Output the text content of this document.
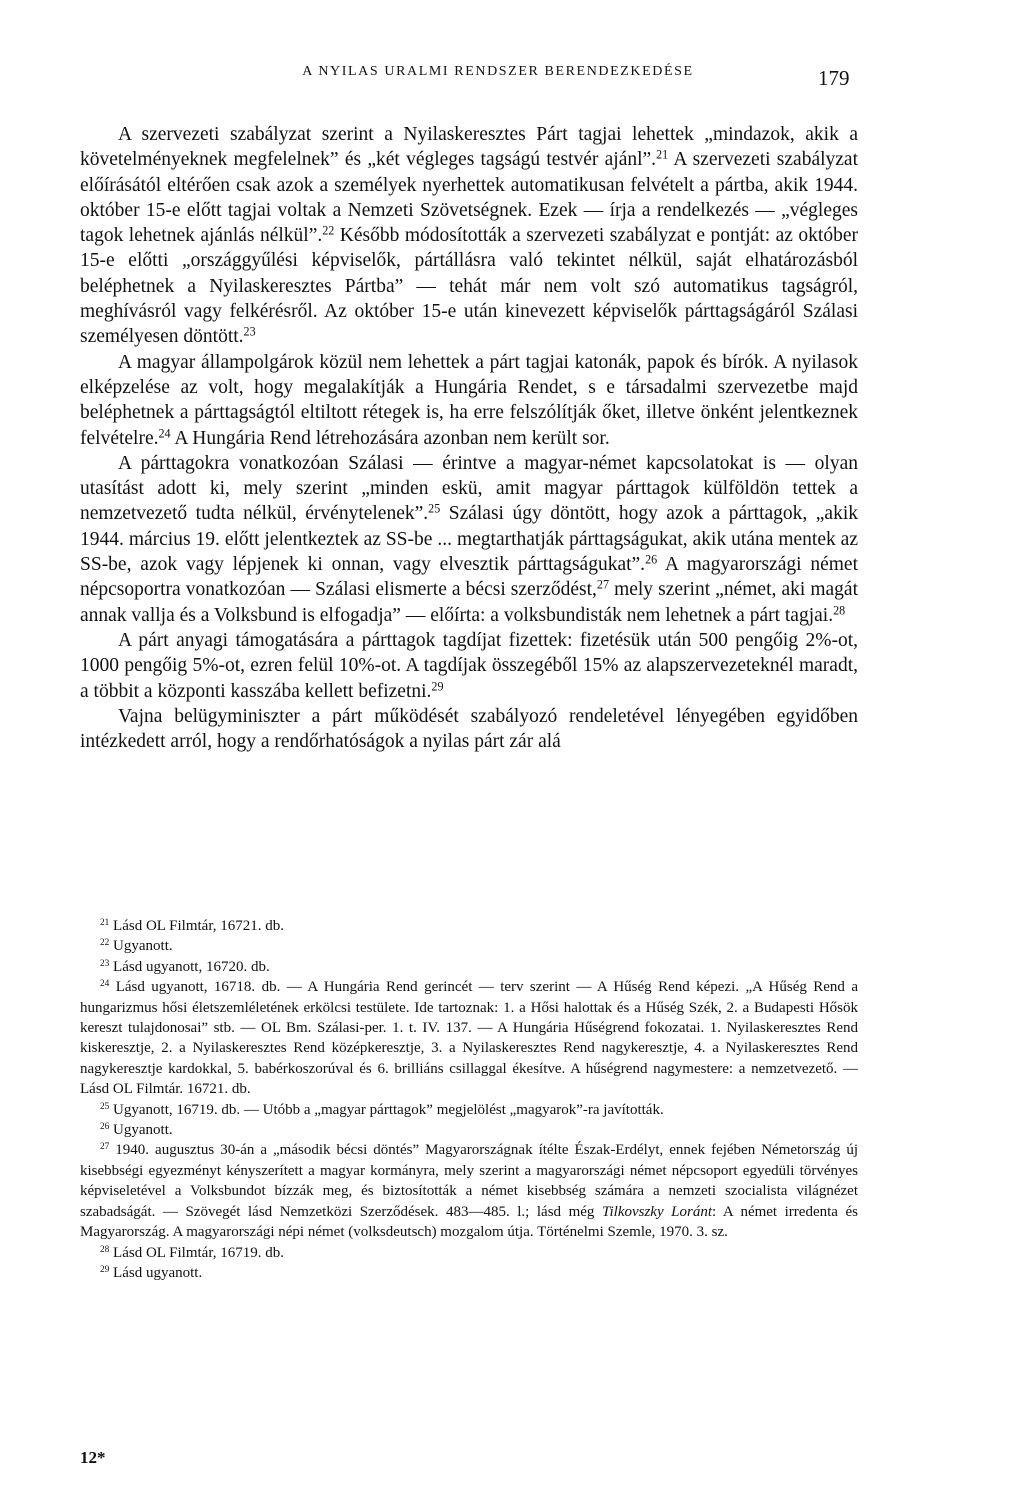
A NYILAS URALMI RENDSZER BERENDEZKEDÉSE	179

A szervezeti szabályzat szerint a Nyilaskeresztes Párt tagjai lehettek „mindazok, akik a követelményeknek megfelelnek” és „két végleges tagságú testvér ajánl”.$^{21}$ A szervezeti szabályzat előírásától eltérően csak azok a személyek nyerhettek automatikusan felvételt a pártba, akik 1944. október 15-e előtt tagjai voltak a Nemzeti Szövetségnek. Ezek — írja a rendelkezés — „végleges tagok lehetnek ajánlás nélkül”.$^{22}$ Később módosították a szervezeti szabályzat e pontját: az október 15-e előtti „országgyűlési képviselők, pártállásra való tekintet nélkül, saját elhatározásból beléphetnek a Nyilaskeresztes Pártba” — tehát már nem volt szó automatikus tagságról, meghívásról vagy felkérésről. Az október 15-e után kinevezett képviselők párttagságáról Szálasi személyesen döntött.$^{23}$

A magyar állampolgárok közül nem lehettek a párt tagjai katonák, papok és bírók. A nyilasok elképzelése az volt, hogy megalakítják a Hungária Rendet, s e társadalmi szervezetbe majd beléphetnek a párttagságtól eltiltott rétegek is, ha erre felszólítják őket, illetve önként jelentkeznek felvételre.$^{24}$ A Hungária Rend létrehozására azonban nem került sor.

A párttagokra vonatkozóan Szálasi — érintve a magyar-német kapcsolatokat is — olyan utasítást adott ki, mely szerint „minden eskü, amit magyar párttagok külföldön tettek a nemzetvezető tudta nélkül, érvénytelenek”.$^{25}$ Szálasi úgy döntött, hogy azok a párttagok, „akik 1944. március 19. előtt jelentkeztek az SS-be ... megtarthatják párttagságukat, akik utána mentek az SS-be, azok vagy lépjenek ki onnan, vagy elvesztik párttagságukat”.$^{26}$ A magyarországi német népcsoportra vonatkozóan — Szálasi elismerte a bécsi szerződést,$^{27}$ mely szerint „német, aki magát annak vallja és a Volksbund is elfogadja” — előírta: a volksbundisták nem lehetnek a párt tagjai.$^{28}$

A párt anyagi támogatására a párttagok tagdíjat fizettek: fizetésük után 500 pengőig 2%-ot, 1000 pengőig 5%-ot, ezren felül 10%-ot. A tagdíjak összegéből 15% az alapszervezeteknél maradt, a többit a központi kasszába kellett befizetni.$^{29}$

Vajna belügyminiszter a párt működését szabályozó rendeletével lényegében egyidőben intézkedett arról, hogy a rendőrhatóságok a nyilas párt zár alá

$^{21}$ Lásd OL Filmtár, 16721. db.

$^{22}$ Ugyanott.

$^{23}$ Lásd ugyanott, 16720. db.

$^{24}$ Lásd ugyanott, 16718. db. — A Hungária Rend gerincét — terv szerint — A Hűség Rend képezi. „A Hűség Rend a hungarizmus hősi életszemléletének erkölcsi testülete. Ide tartoznak: 1. a Hősi halottak és a Hűség Szék, 2. a Budapesti Hősök kereszt tulajdonosai” stb. — OL Bm. Szálasi-per. 1. t. IV. 137. — A Hungária Hűségrend fokozatai. 1. Nyilaskeresztes Rend kiskeresztje, 2. a Nyilaskeresztes Rend középkeresztje, 3. a Nyilaskeresztes Rend nagykeresztje, 4. a Nyilaskeresztes Rend nagykeresztje kardokkal, 5. babérkoszorúval és 6. brilliáns csillaggal ékesítve. A hűségrend nagymestere: a nemzetvezető. — Lásd OL Filmtár. 16721. db.

$^{25}$ Ugyanott, 16719. db. — Utóbb a „magyar párttagok” megjelölést „magyarok”-ra javították.

$^{26}$ Ugyanott.

$^{27}$ 1940. augusztus 30-án a „második bécsi döntés” Magyarországnak ítélte Észak-Erdélyt, ennek fejében Németország új kisebbségi egyezményt kényszerített a magyar kormányra, mely szerint a magyarországi német népcsoport egyedüli törvényes képviseletével a Volksbundot bízzák meg, és biztosították a német kisebbség számára a nemzeti szocialista világnézet szabadságát. — Szövegét lásd Nemzetközi Szerződések. 483—485. l.; lásd még Tilkovszky Loránt: A német irredenta és Magyarország. A magyarországi népi német (volksdeutsch) mozgalom útja. Történelmi Szemle, 1970. 3. sz.

$^{28}$ Lásd OL Filmtár, 16719. db.

$^{29}$ Lásd ugyanott.

12*
